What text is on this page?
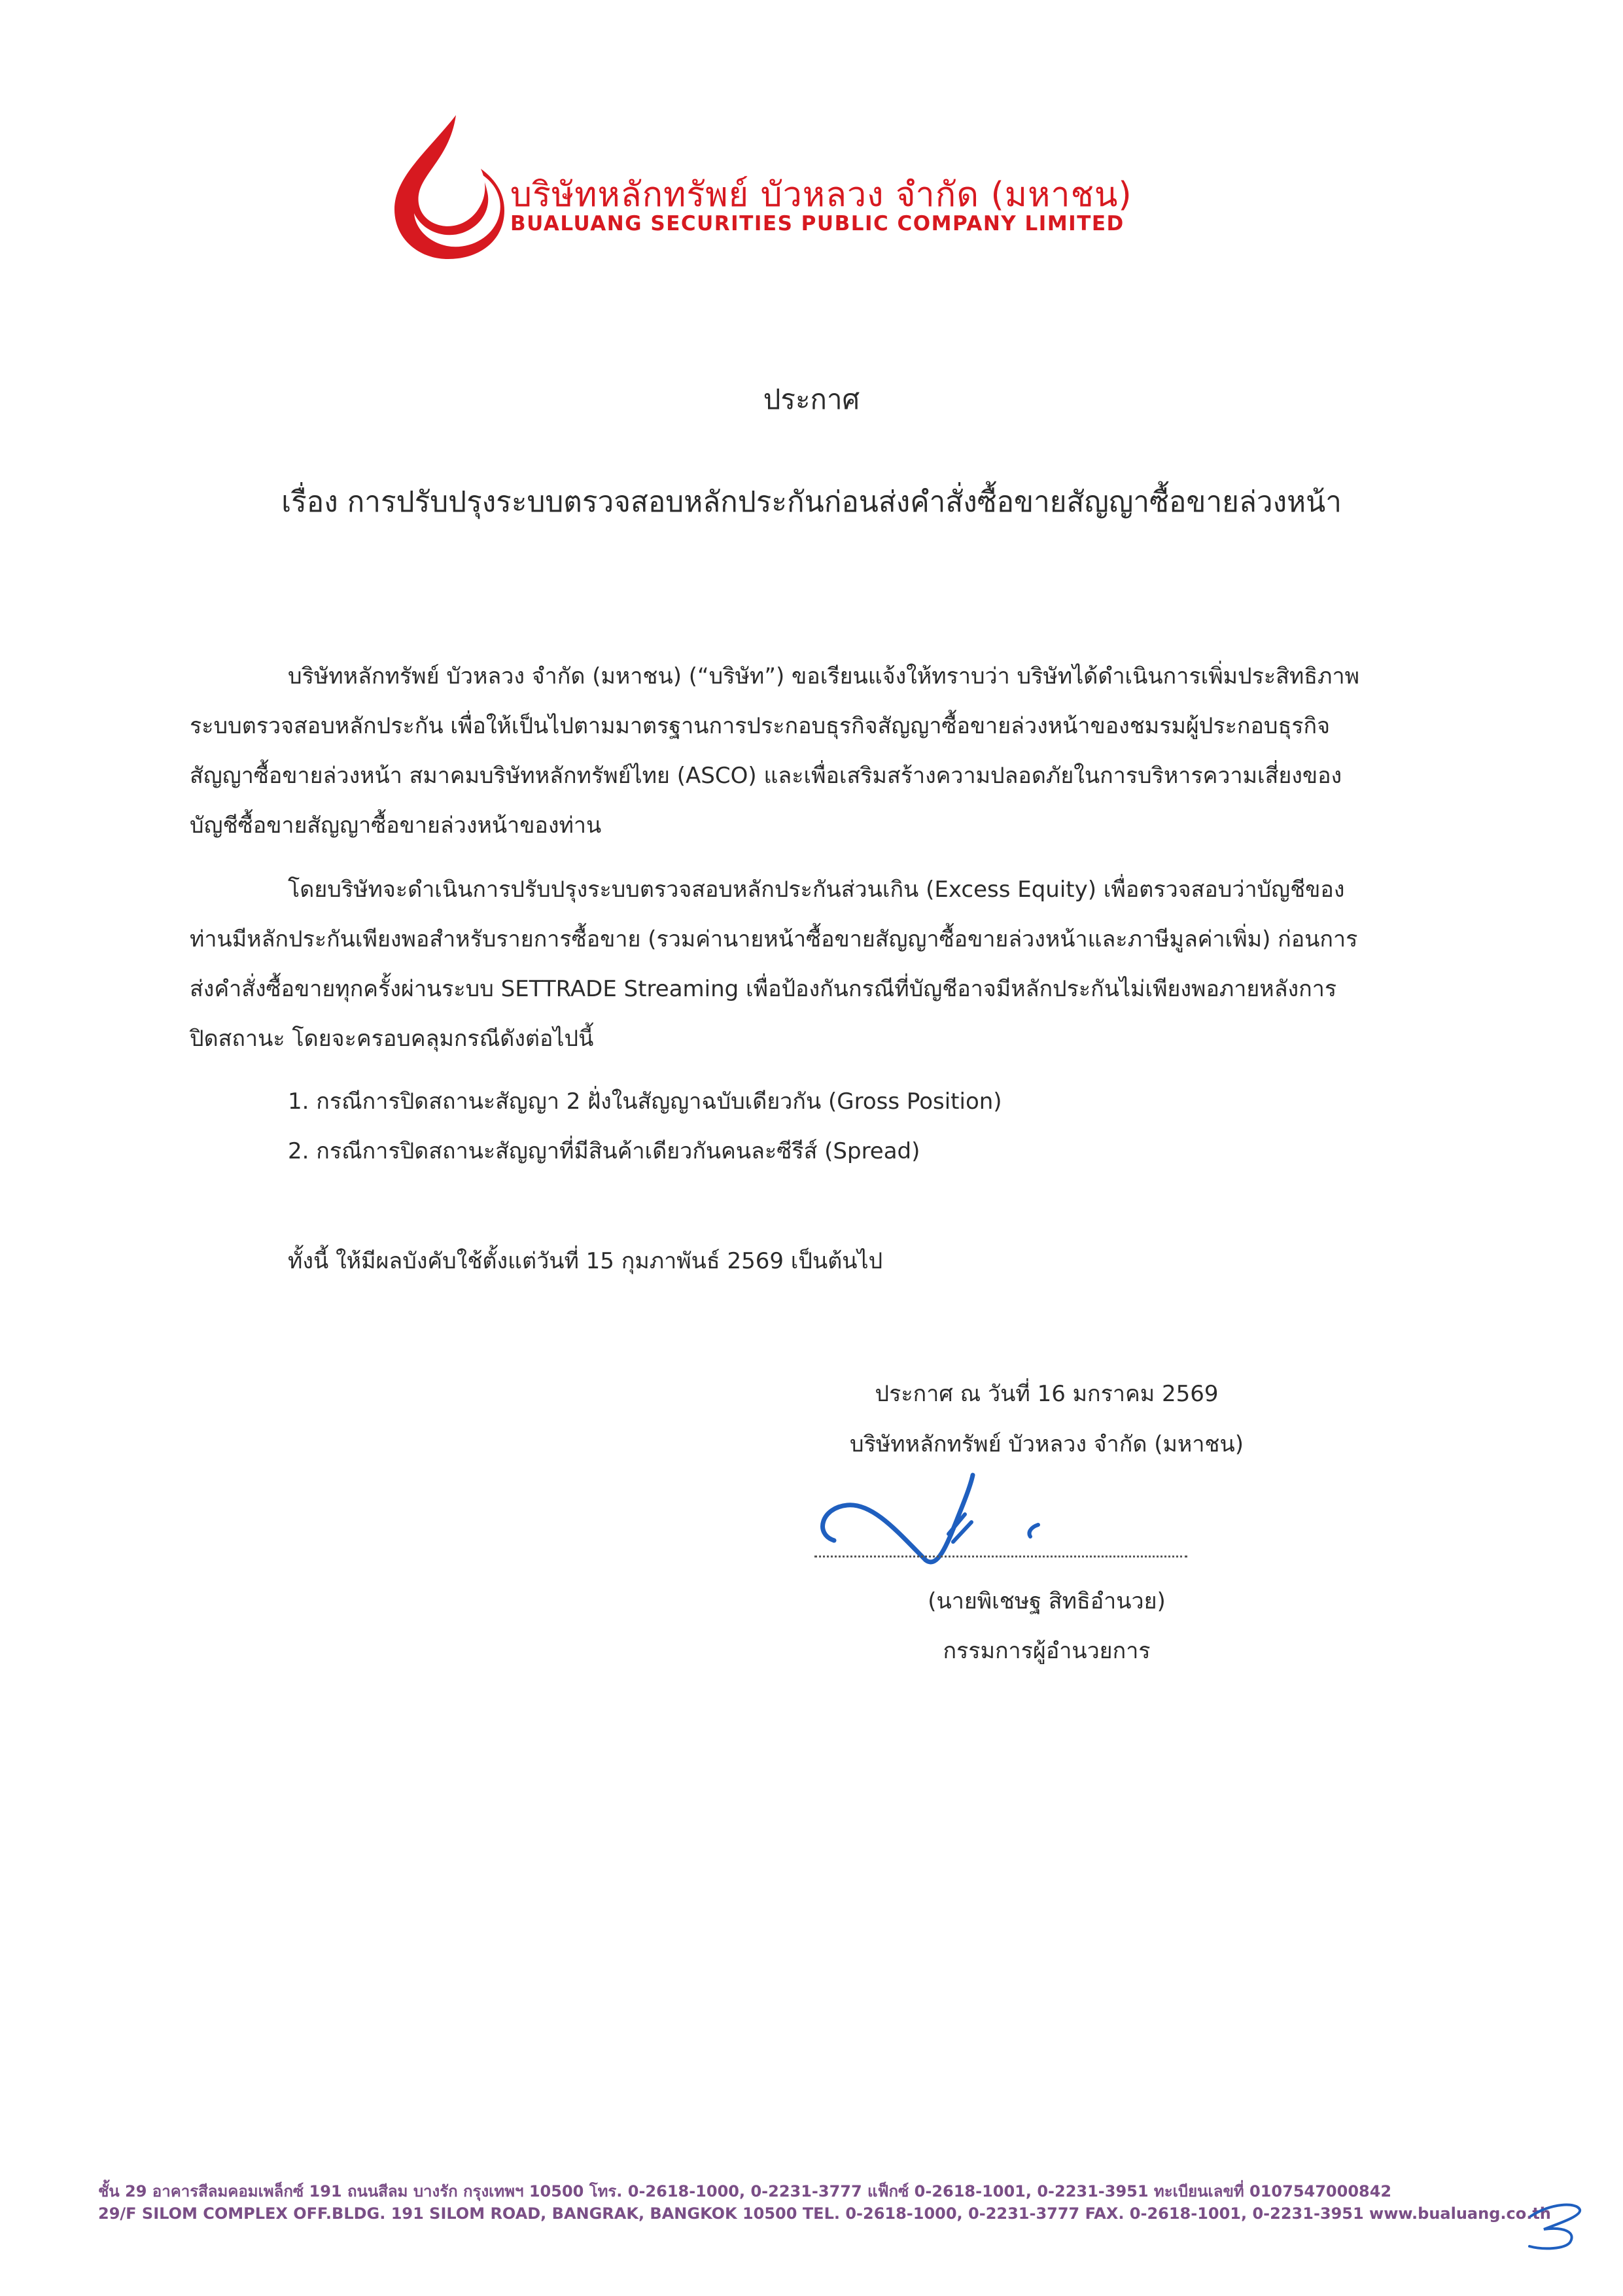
บริษัทหลักทรัพย์ บัวหลวง จำกัด (มหาชน)
BUALUANG SECURITIES PUBLIC COMPANY LIMITED
ประกาศ
เรื่อง การปรับปรุงระบบตรวจสอบหลักประกันก่อนส่งคำสั่งซื้อขายสัญญาซื้อขายล่วงหน้า
บริษัทหลักทรัพย์ บัวหลวง จำกัด (มหาชน) (“บริษัท”) ขอเรียนแจ้งให้ทราบว่า บริษัทได้ดำเนินการเพิ่มประสิทธิภาพ
ระบบตรวจสอบหลักประกัน เพื่อให้เป็นไปตามมาตรฐานการประกอบธุรกิจสัญญาซื้อขายล่วงหน้าของชมรมผู้ประกอบธุรกิจ
สัญญาซื้อขายล่วงหน้า สมาคมบริษัทหลักทรัพย์ไทย (ASCO) และเพื่อเสริมสร้างความปลอดภัยในการบริหารความเสี่ยงของ
บัญชีซื้อขายสัญญาซื้อขายล่วงหน้าของท่าน
โดยบริษัทจะดำเนินการปรับปรุงระบบตรวจสอบหลักประกันส่วนเกิน (Excess Equity) เพื่อตรวจสอบว่าบัญชีของ
ท่านมีหลักประกันเพียงพอสำหรับรายการซื้อขาย (รวมค่านายหน้าซื้อขายสัญญาซื้อขายล่วงหน้าและภาษีมูลค่าเพิ่ม) ก่อนการ
ส่งคำสั่งซื้อขายทุกครั้งผ่านระบบ SETTRADE Streaming เพื่อป้องกันกรณีที่บัญชีอาจมีหลักประกันไม่เพียงพอภายหลังการ
ปิดสถานะ โดยจะครอบคลุมกรณีดังต่อไปนี้
1. กรณีการปิดสถานะสัญญา 2 ฝั่งในสัญญาฉบับเดียวกัน (Gross Position)
2. กรณีการปิดสถานะสัญญาที่มีสินค้าเดียวกันคนละซีรีส์ (Spread)
ทั้งนี้ ให้มีผลบังคับใช้ตั้งแต่วันที่ 15 กุมภาพันธ์ 2569 เป็นต้นไป
ประกาศ ณ วันที่ 16 มกราคม 2569
บริษัทหลักทรัพย์ บัวหลวง จำกัด (มหาชน)
(นายพิเชษฐ สิทธิอำนวย)
กรรมการผู้อำนวยการ
ชั้น 29 อาคารสีลมคอมเพล็กซ์ 191 ถนนสีลม บางรัก กรุงเทพฯ 10500 โทร. 0-2618-1000, 0-2231-3777 แฟ็กซ์ 0-2618-1001, 0-2231-3951 ทะเบียนเลขที่ 0107547000842
29/F SILOM COMPLEX OFF.BLDG. 191 SILOM ROAD, BANGRAK, BANGKOK 10500 TEL. 0-2618-1000, 0-2231-3777 FAX. 0-2618-1001, 0-2231-3951 www.bualuang.co.th
